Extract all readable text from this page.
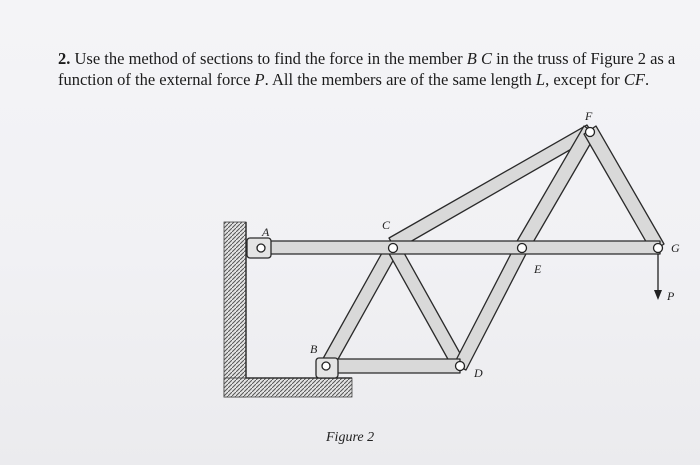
2. Use the method of sections to find the force in the member B C in the truss of Figure 2 as a function of the external force P. All the members are of the same length L, except for CF.
A
B
C
D
E
F
G
P
Figure 2
